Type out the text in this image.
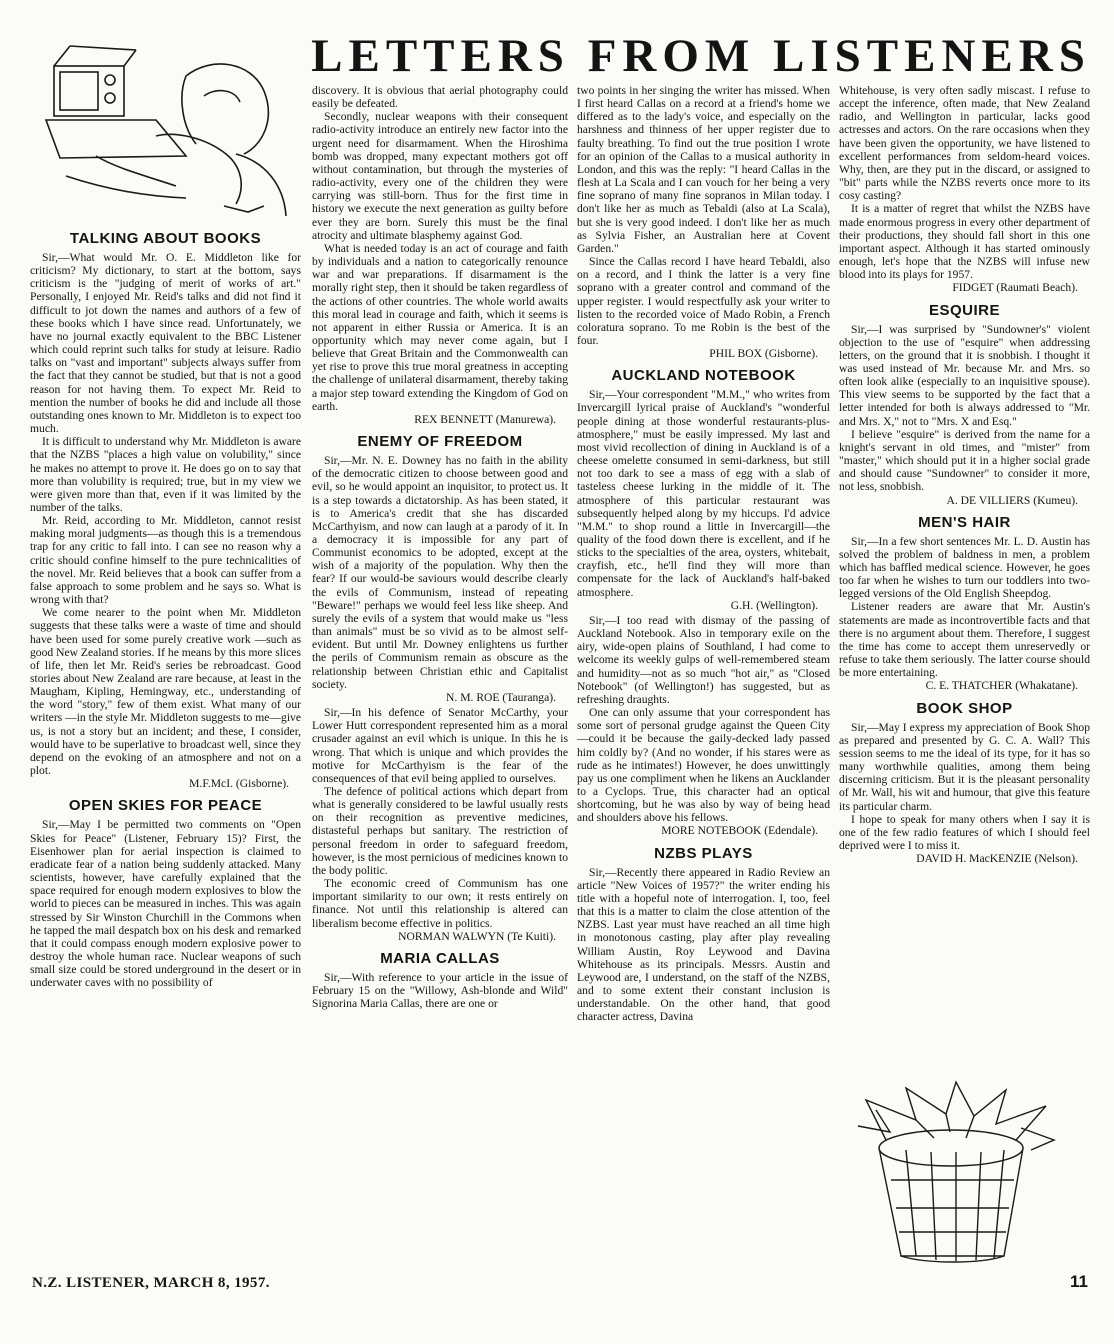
LETTERS FROM LISTENERS
TALKING ABOUT BOOKS

Sir,—What would Mr. O. E. Middleton like for criticism? My dictionary, to start at the bottom, says criticism is the "judging of merit of works of art." Personally, I enjoyed Mr. Reid's talks and did not find it difficult to jot down the names and authors of a few of these books which I have since read. Unfortunately, we have no journal exactly equivalent to the BBC Listener which could reprint such talks for study at leisure. Radio talks on "vast and important" subjects always suffer from the fact that they cannot be studied, but that is not a good reason for not having them. To expect Mr. Reid to mention the number of books he did and include all those outstanding ones known to Mr. Middleton is to expect too much.

It is difficult to understand why Mr. Middleton is aware that the NZBS "places a high value on volubility," since he makes no attempt to prove it. He does go on to say that more than volubility is required; true, but in my view we were given more than that, even if it was limited by the number of the talks.

Mr. Reid, according to Mr. Middleton, cannot resist making moral judgments—as though this is a tremendous trap for any critic to fall into. I can see no reason why a critic should confine himself to the pure technicalities of the novel. Mr. Reid believes that a book can suffer from a false approach to some problem and he says so. What is wrong with that?

We come nearer to the point when Mr. Middleton suggests that these talks were a waste of time and should have been used for some purely creative work —such as good New Zealand stories. If he means by this more slices of life, then let Mr. Reid's series be rebroadcast. Good stories about New Zealand are rare because, at least in the Maugham, Kipling, Hemingway, etc., understanding of the word "story," few of them exist. What many of our writers —in the style Mr. Middleton suggests to me—give us, is not a story but an incident; and these, I consider, would have to be superlative to broadcast well, since they depend on the evoking of an atmosphere and not on a plot.

M.F.McI. (Gisborne).
OPEN SKIES FOR PEACE

Sir,—May I be permitted two comments on "Open Skies for Peace" (Listener, February 15)? First, the Eisenhower plan for aerial inspection is claimed to eradicate fear of a nation being suddenly attacked. Many scientists, however, have carefully explained that the space required for enough modern explosives to blow the world to pieces can be measured in inches. This was again stressed by Sir Winston Churchill in the Commons when he tapped the mail despatch box on his desk and remarked that it could compass enough modern explosive power to destroy the whole human race. Nuclear weapons of such small size could be stored underground in the desert or in underwater caves with no possibility of

discovery. It is obvious that aerial photography could easily be defeated.

Secondly, nuclear weapons with their consequent radio-activity introduce an entirely new factor into the urgent need for disarmament. When the Hiroshima bomb was dropped, many expectant mothers got off without contamination, but through the mysteries of radio-activity, every one of the children they were carrying was still-born. Thus for the first time in history we execute the next generation as guilty before ever they are born. Surely this must be the final atrocity and ultimate blasphemy against God.

What is needed today is an act of courage and faith by individuals and a nation to categorically renounce war and war preparations. If disarmament is the morally right step, then it should be taken regardless of the actions of other countries. The whole world awaits this moral lead in courage and faith, which it seems is not apparent in either Russia or America. It is an opportunity which may never come again, but I believe that Great Britain and the Commonwealth can yet rise to prove this true moral greatness in accepting the challenge of unilateral disarmament, thereby taking a major step toward extending the Kingdom of God on earth.

REX BENNETT (Manurewa).
ENEMY OF FREEDOM

Sir,—Mr. N. E. Downey has no faith in the ability of the democratic citizen to choose between good and evil, so he would appoint an inquisitor, to protect us. It is a step towards a dictatorship. As has been stated, it is to America's credit that she has discarded McCarthyism, and now can laugh at a parody of it. In a democracy it is impossible for any part of Communist economics to be adopted, except at the wish of a majority of the population. Why then the fear? If our would-be saviours would describe clearly the evils of Communism, instead of repeating "Beware!" perhaps we would feel less like sheep. And surely the evils of a system that would make us "less than animals" must be so vivid as to be almost self-evident. But until Mr. Downey enlightens us further the perils of Communism remain as obscure as the relationship between Christian ethic and Capitalist society.

N. M. ROE (Tauranga).

Sir,—In his defence of Senator McCarthy, your Lower Hutt correspondent represented him as a moral crusader against an evil which is unique. In this he is wrong. That which is unique and which provides the motive for McCarthyism is the fear of the consequences of that evil being applied to ourselves.

The defence of political actions which depart from what is generally considered to be lawful usually rests on their recognition as preventive medicines, distasteful perhaps but sanitary. The restriction of personal freedom in order to safeguard freedom, however, is the most pernicious of medicines known to the body politic.

The economic creed of Communism has one important similarity to our own; it rests entirely on finance. Not until this relationship is altered can liberalism become effective in politics.

NORMAN WALWYN (Te Kuiti).
MARIA CALLAS

Sir,—With reference to your article in the issue of February 15 on the "Willowy, Ash-blonde and Wild" Signorina Maria Callas, there are one or

two points in her singing the writer has missed. When I first heard Callas on a record at a friend's home we differed as to the lady's voice, and especially on the harshness and thinness of her upper register due to faulty breathing. To find out the true position I wrote for an opinion of the Callas to a musical authority in London, and this was the reply: "I heard Callas in the flesh at La Scala and I can vouch for her being a very fine soprano of many fine sopranos in Milan today. I don't like her as much as Tebaldi (also at La Scala), but she is very good indeed. I don't like her as much as Sylvia Fisher, an Australian here at Covent Garden."

Since the Callas record I have heard Tebaldi, also on a record, and I think the latter is a very fine soprano with a greater control and command of the upper register. I would respectfully ask your writer to listen to the recorded voice of Mado Robin, a French coloratura soprano. To me Robin is the best of the four.

PHIL BOX (Gisborne).
AUCKLAND NOTEBOOK

Sir,—Your correspondent "M.M.," who writes from Invercargill lyrical praise of Auckland's "wonderful people dining at those wonderful restaurants-plus-atmosphere," must be easily impressed. My last and most vivid recollection of dining in Auckland is of a cheese omelette consumed in semi-darkness, but still not too dark to see a mass of egg with a slab of tasteless cheese lurking in the middle of it. The atmosphere of this particular restaurant was subsequently helped along by my hiccups. I'd advice "M.M." to shop round a little in Invercargill—the quality of the food down there is excellent, and if he sticks to the specialties of the area, oysters, whitebait, crayfish, etc., he'll find they will more than compensate for the lack of Auckland's half-baked atmosphere.

G.H. (Wellington).

Sir,—I too read with dismay of the passing of Auckland Notebook. Also in temporary exile on the airy, wide-open plains of Southland, I had come to welcome its weekly gulps of well-remembered steam and humidity—not as so much "hot air," as "Closed Notebook" (of Wellington!) has suggested, but as refreshing draughts.

One can only assume that your correspondent has some sort of personal grudge against the Queen City—could it be because the gaily-decked lady passed him coldly by? (And no wonder, if his stares were as rude as he intimates!) However, he does unwittingly pay us one compliment when he likens an Aucklander to a Cyclops. True, this character had an optical shortcoming, but he was also by way of being head and shoulders above his fellows.

MORE NOTEBOOK (Edendale).
NZBS PLAYS

Sir,—Recently there appeared in Radio Review an article "New Voices of 1957?" the writer ending his title with a hopeful note of interrogation. I, too, feel that this is a matter to claim the close attention of the NZBS. Last year must have reached an all time high in monotonous casting, play after play revealing William Austin, Roy Leywood and Davina Whitehouse as its principals. Messrs. Austin and Leywood are, I understand, on the staff of the NZBS, and to some extent their constant inclusion is understandable. On the other hand, that good character actress, Davina

Whitehouse, is very often sadly miscast. I refuse to accept the inference, often made, that New Zealand radio, and Wellington in particular, lacks good actresses and actors. On the rare occasions when they have been given the opportunity, we have listened to excellent performances from seldom-heard voices. Why, then, are they put in the discard, or assigned to "bit" parts while the NZBS reverts once more to its cosy casting?

It is a matter of regret that whilst the NZBS have made enormous progress in every other department of their productions, they should fall short in this one important aspect. Although it has started ominously enough, let's hope that the NZBS will infuse new blood into its plays for 1957.

FIDGET (Raumati Beach).
ESQUIRE

Sir,—I was surprised by "Sundowner's" violent objection to the use of "esquire" when addressing letters, on the ground that it is snobbish. I thought it was used instead of Mr. because Mr. and Mrs. so often look alike (especially to an inquisitive spouse). This view seems to be supported by the fact that a letter intended for both is always addressed to "Mr. and Mrs. X," not to "Mrs. X and Esq."

I believe "esquire" is derived from the name for a knight's servant in old times, and "mister" from "master," which should put it in a higher social grade and should cause "Sundowner" to consider it more, not less, snobbish.

A. DE VILLIERS (Kumeu).
MEN'S HAIR

Sir,—In a few short sentences Mr. L. D. Austin has solved the problem of baldness in men, a problem which has baffled medical science. However, he goes too far when he wishes to turn our toddlers into two-legged versions of the Old English Sheepdog.

Listener readers are aware that Mr. Austin's statements are made as incontrovertible facts and that there is no argument about them. Therefore, I suggest the time has come to accept them unreservedly or refuse to take them seriously. The latter course should be more entertaining.

C. E. THATCHER (Whakatane).
BOOK SHOP

Sir,—May I express my appreciation of Book Shop as prepared and presented by G. C. A. Wall? This session seems to me the ideal of its type, for it has so many worthwhile qualities, among them being discerning criticism. But it is the pleasant personality of Mr. Wall, his wit and humour, that give this feature its particular charm.

I hope to speak for many others when I say it is one of the few radio features of which I should feel deprived were I to miss it.

DAVID H. MacKENZIE (Nelson).
N.Z. LISTENER, MARCH 8, 1957.	11
